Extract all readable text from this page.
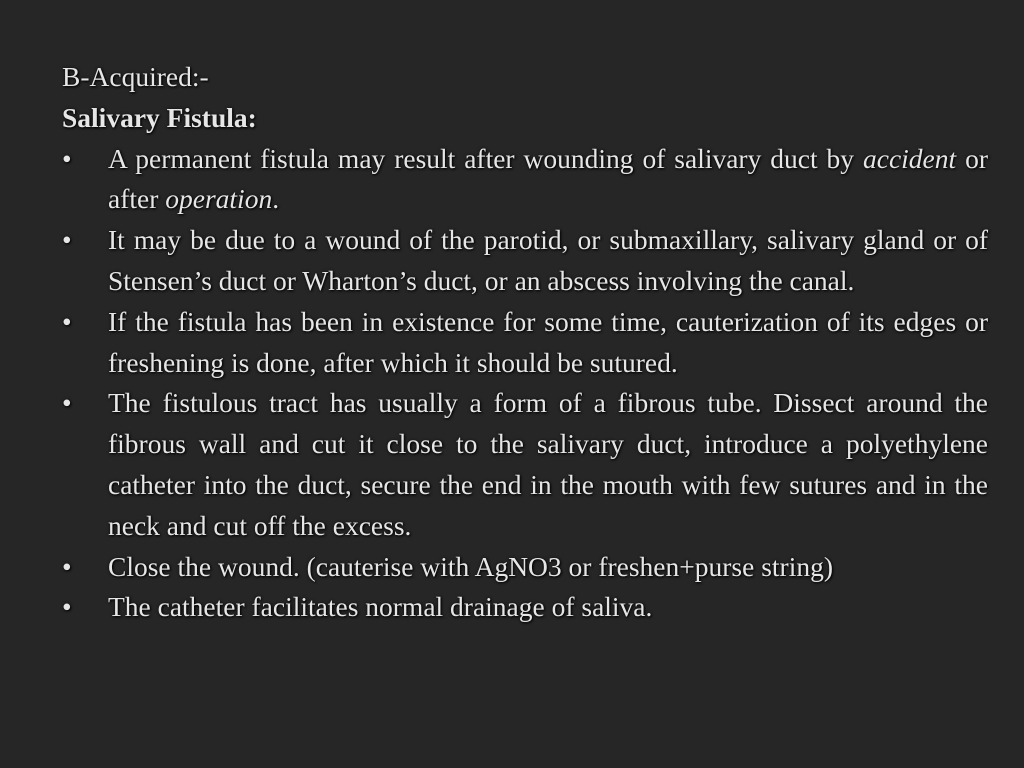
B-Acquired:-

Salivary Fistula:

•	A permanent fistula may result after wounding of salivary duct by accident or after operation.
•	It may be due to a wound of the parotid, or submaxillary, salivary gland or of Stensen’s duct or Wharton’s duct, or an abscess involving the canal.
•	If the fistula has been in existence for some time, cauterization of its edges or freshening is done, after which it should be sutured.
•	The fistulous tract has usually a form of a fibrous tube. Dissect around the fibrous wall and cut it close to the salivary duct, introduce a polyethylene catheter into the duct, secure the end in the mouth with few sutures and in the neck and cut off the excess.
•	Close the wound. (cauterise with AgNO3 or freshen+purse string)
•	The catheter facilitates normal drainage of saliva.
